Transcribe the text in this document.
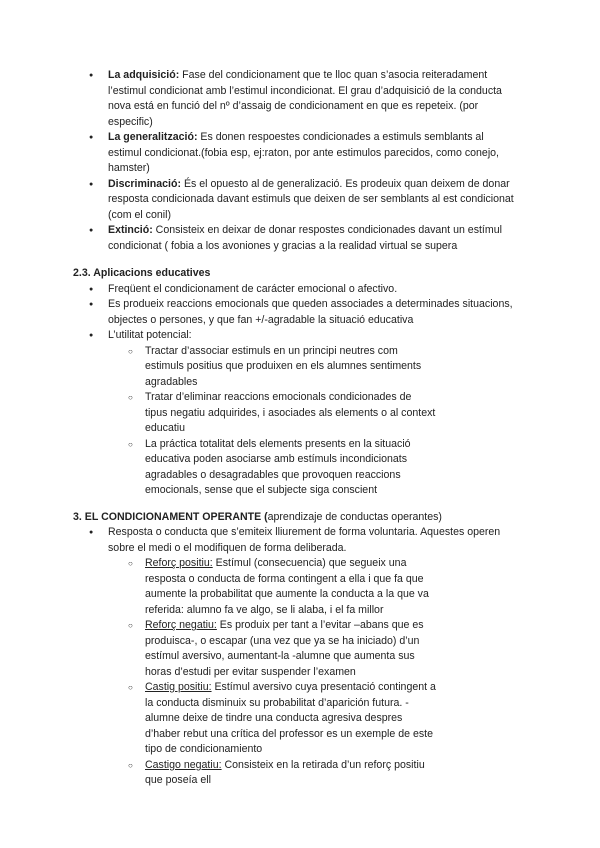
● La adquisició: Fase del condicionament que te lloc quan s’asocia reiteradament l’estimul condicionat amb l’estimul incondicionat. El grau d’adquisició de la conducta nova está en funció del nº d’assaig de condicionament en que es repeteix. (por especific)
● La generalització: Es donen respoestes condicionades a estimuls semblants al estimul condicionat.(fobia esp, ej:raton, por ante estimulos parecidos, como conejo, hamster)
● Discriminació: És el opuesto al de generalizació. Es prodeuix quan deixem de donar resposta condicionada davant estimuls que deixen de ser semblants al est condicionat (com el conil)
● Extinció: Consisteix en deixar de donar respostes condicionades davant un estímul condicionat ( fobia a los avoniones y gracias a la realidad virtual se supera
2.3. Aplicacions educatives
● Freqüent el condicionament de carácter emocional o afectivo.
● Es produeix reaccions emocionals que queden associades a determinades situacions, objectes o persones, y que fan +/-agradable la situació educativa
● L’utilitat potencial:
○ Tractar d’associar estimuls en un principi neutres com estimuls positius que produixen en els alumnes sentiments agradables
○ Tratar d’eliminar reaccions emocionals condicionades de tipus negatiu adquirides, i asociades als elements o al context educatiu
○ La práctica totalitat dels elements presents en la situació educativa poden asociarse amb estímuls incondicionats agradables o desagradables que provoquen reaccions emocionals, sense que el subjecte siga conscient
3. EL CONDICIONAMENT OPERANTE (aprendizaje de conductas operantes)
● Resposta o conducta que s’emiteix lliurement de forma voluntaria. Aquestes operen sobre el medi o el modifiquen de forma deliberada.
○ Reforç positiu: Estímul (consecuencia) que segueix una resposta o conducta de forma contingent a ella i que fa que aumente la probabilitat que aumente la conducta a la que va referida: alumno fa ve algo, se li alaba, i el fa millor
○ Reforç negatiu: Es produix per tant a l’evitar –abans que es produisca-, o escapar (una vez que ya se ha iniciado) d’un estímul aversivo, aumentant-la -alumne que aumenta sus horas d’estudi per evitar suspender l’examen
○ Castig positiu: Estímul aversivo cuya presentació contingent a la conducta disminuix su probabilitat d’aparición futura. -alumne deixe de tindre una conducta agresiva despres d’haber rebut una crítica del professor es un exemple de este tipo de condicionamiento
○ Castigo negatiu: Consisteix en la retirada d’un reforç positiu que poseía ell
